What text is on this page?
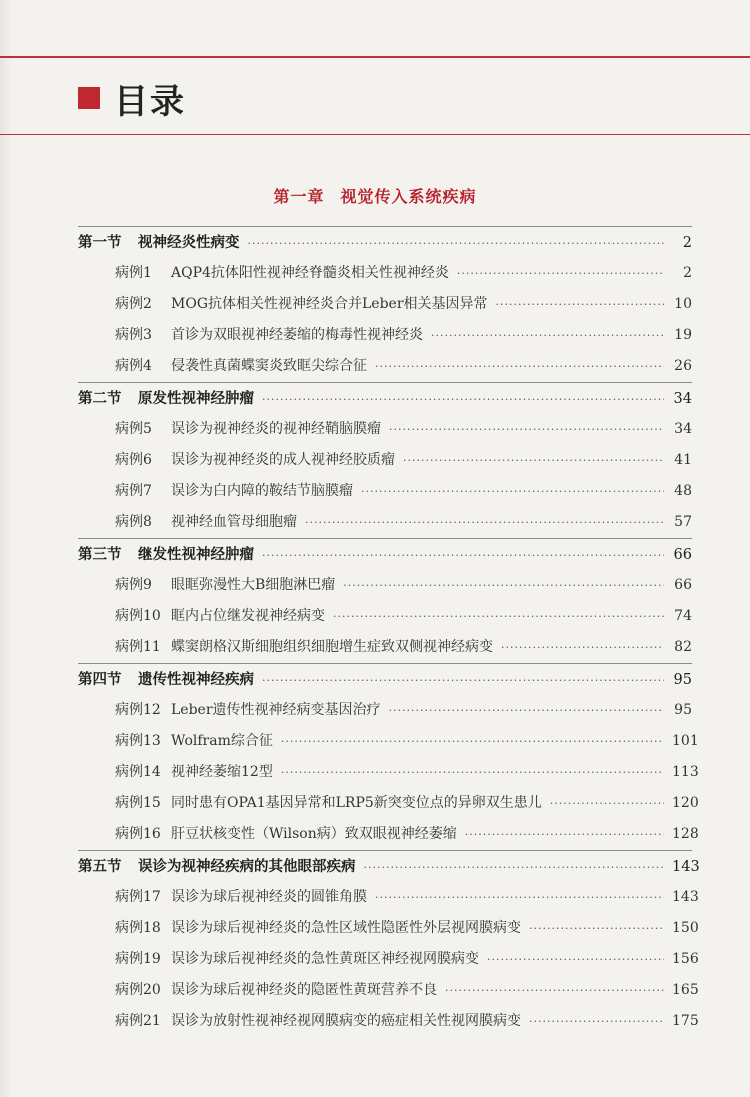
目录
第一章 视觉传入系统疾病
第一节	视神经炎性病变 ·····	2
病例1	AQP4抗体阳性视神经脊髓炎相关性视神经炎 ·····	2
病例2	MOG抗体相关性视神经炎合并Leber相关基因异常 ·····	10
病例3	首诊为双眼视神经萎缩的梅毒性视神经炎 ·····	19
病例4	侵袭性真菌蝶窦炎致眶尖综合征 ·····	26
第二节	原发性视神经肿瘤 ·····	34
病例5	误诊为视神经炎的视神经鞘脑膜瘤 ·····	34
病例6	误诊为视神经炎的成人视神经胶质瘤 ·····	41
病例7	误诊为白内障的鞍结节脑膜瘤 ·····	48
病例8	视神经血管母细胞瘤 ·····	57
第三节	继发性视神经肿瘤 ·····	66
病例9	眼眶弥漫性大B细胞淋巴瘤 ·····	66
病例10 眶内占位继发视神经病变 ·····	74
病例11 蝶窦朗格汉斯细胞组织细胞增生症致双侧视神经病变 ·····	82
第四节	遗传性视神经疾病 ·····	95
病例12 Leber遗传性视神经病变基因治疗 ·····	95
病例13 Wolfram综合征 ·····	101
病例14 视神经萎缩12型 ·····	113
病例15 同时患有OPA1基因异常和LRP5新突变位点的异卵双生患儿 ·····	120
病例16 肝豆状核变性（Wilson病）致双眼视神经萎缩 ·····	128
第五节	误诊为视神经疾病的其他眼部疾病 ·····	143
病例17 误诊为球后视神经炎的圆锥角膜 ·····	143
病例18 误诊为球后视神经炎的急性区域性隐匿性外层视网膜病变 ·····	150
病例19 误诊为球后视神经炎的急性黄斑区神经视网膜病变 ·····	156
病例20 误诊为球后视神经炎的隐匿性黄斑营养不良 ·····	165
病例21 误诊为放射性视神经视网膜病变的癌症相关性视网膜病变 ·····	175
